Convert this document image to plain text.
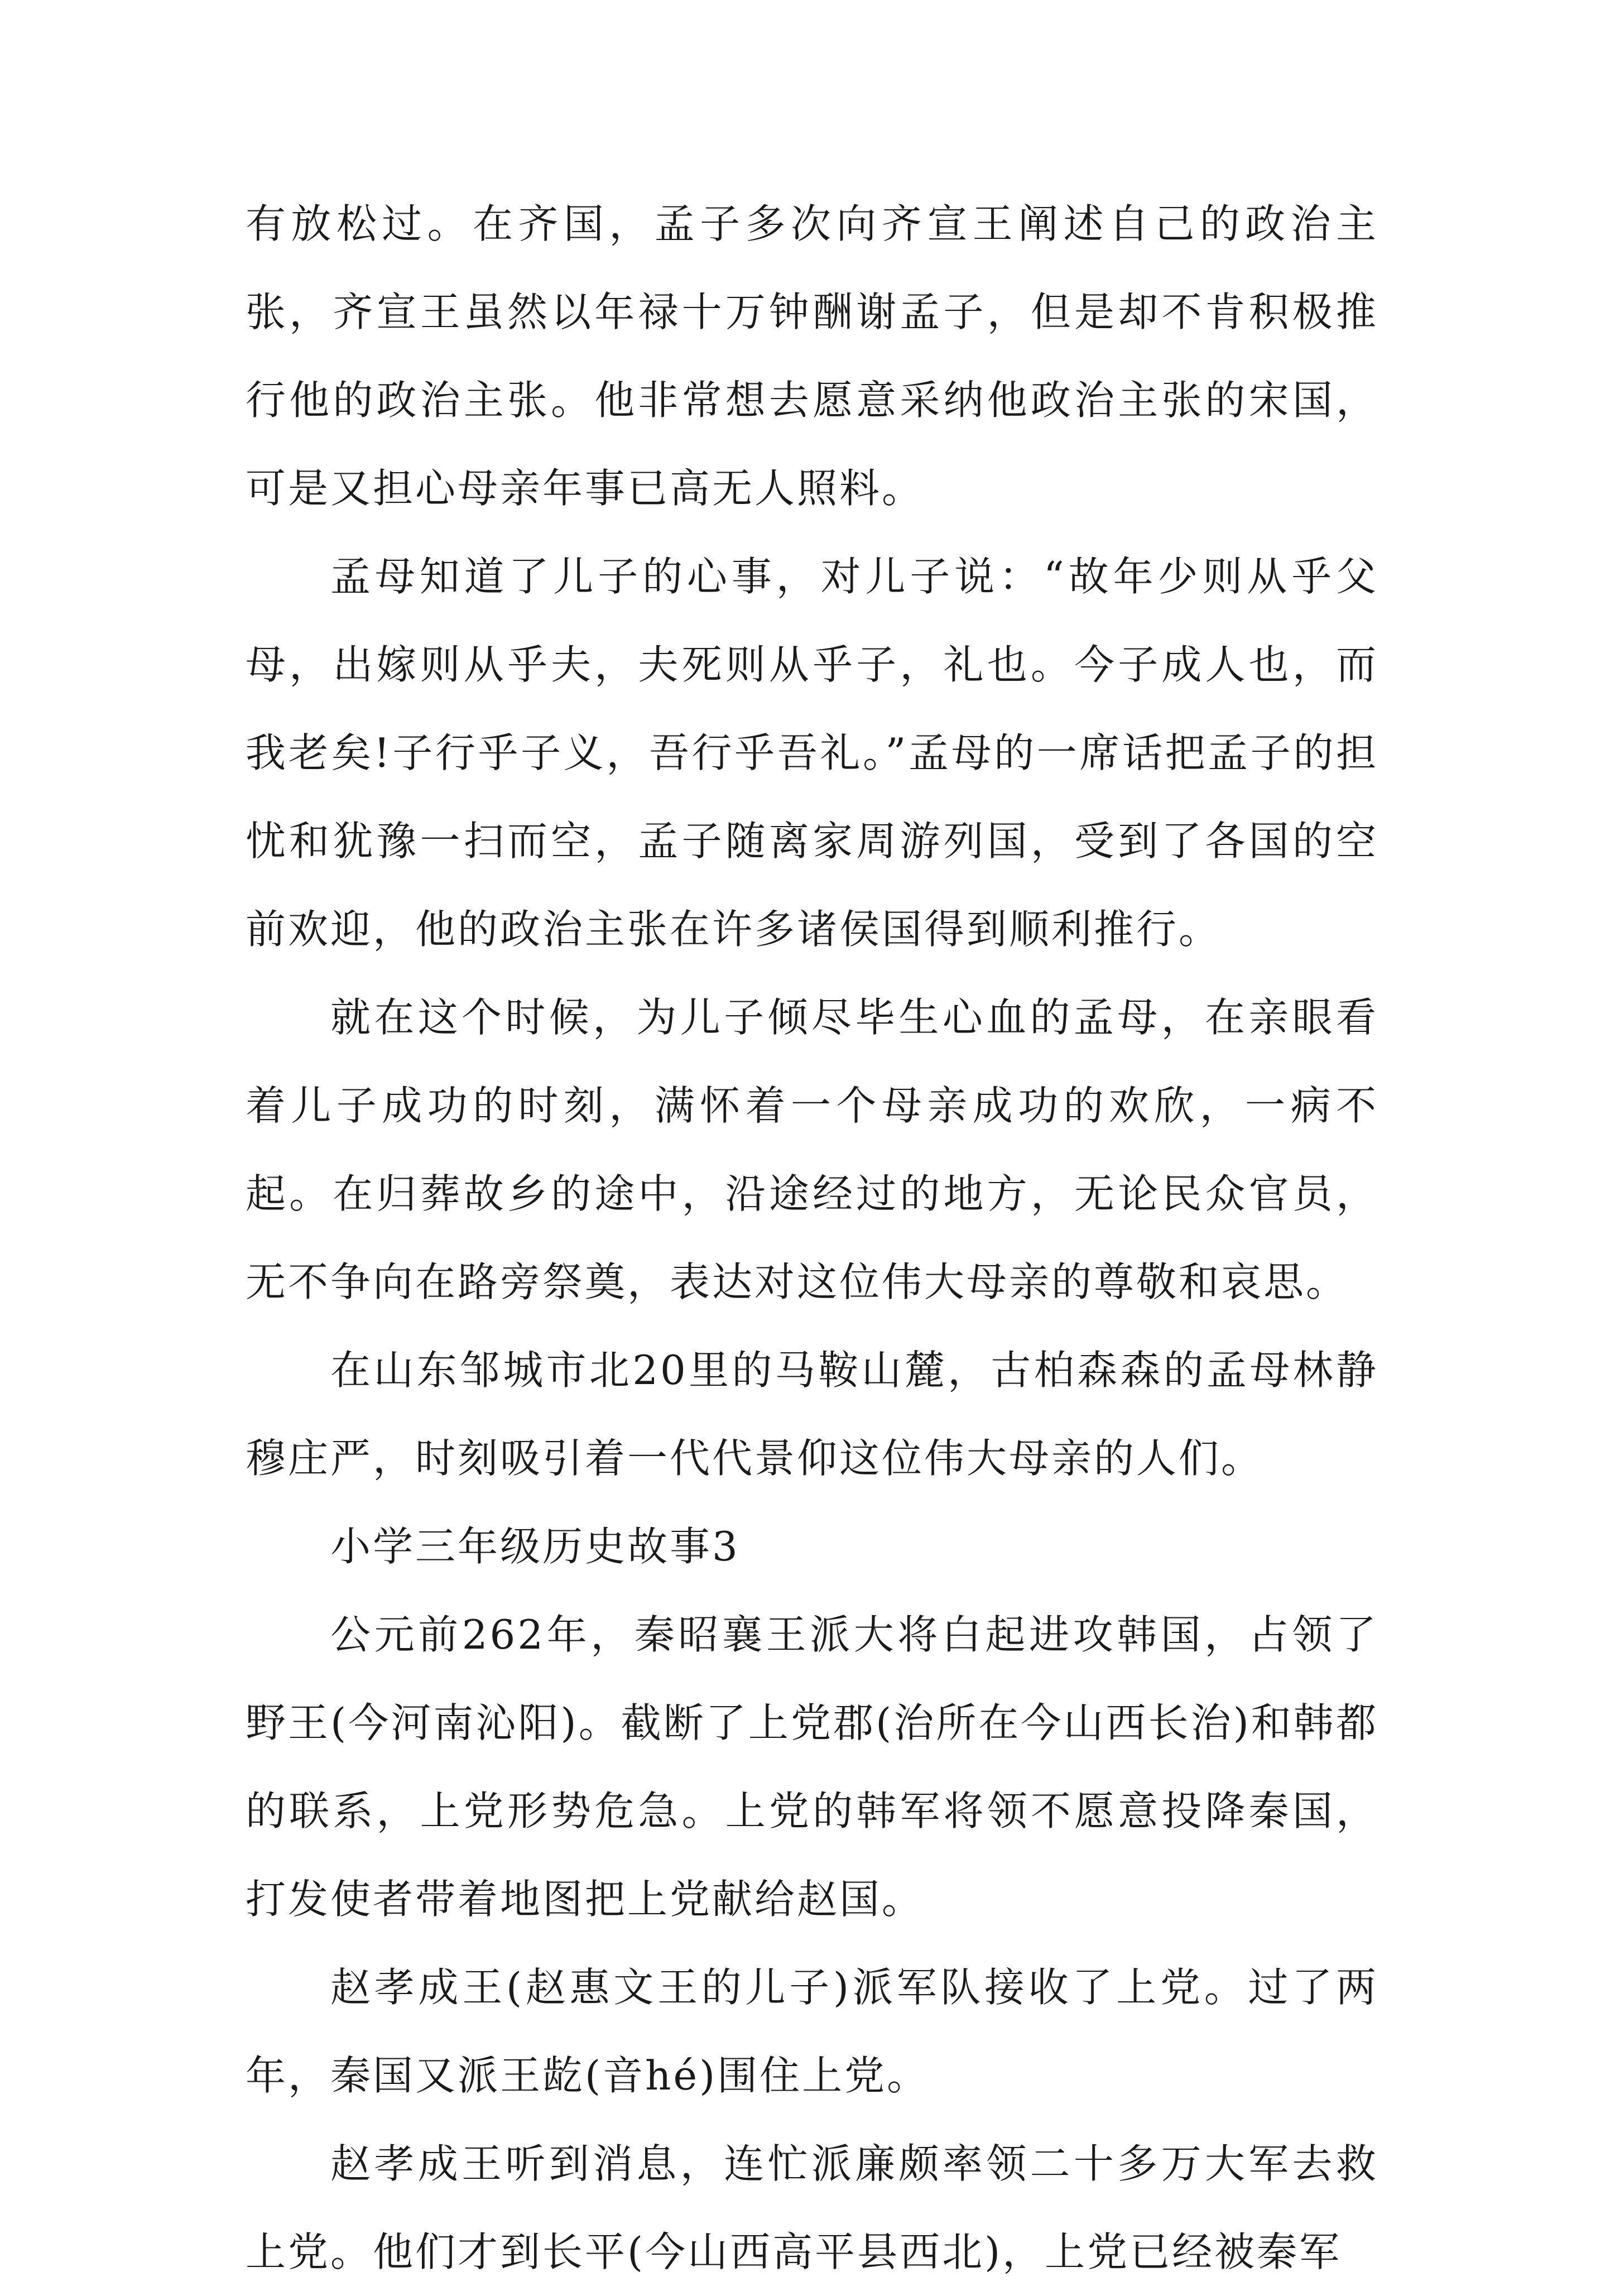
有放松过。在齐国，孟子多次向齐宣王阐述自己的政治主张，齐宣王虽然以年禄十万钟酬谢孟子，但是却不肯积极推行他的政治主张。他非常想去愿意采纳他政治主张的宋国，可是又担心母亲年事已高无人照料。

孟母知道了儿子的心事，对儿子说：“故年少则从乎父母，出嫁则从乎夫，夫死则从乎子，礼也。今子成人也，而我老矣!子行乎子义，吾行乎吾礼。”孟母的一席话把孟子的担忧和犹豫一扫而空，孟子随离家周游列国，受到了各国的空前欢迎，他的政治主张在许多诸侯国得到顺利推行。

就在这个时候，为儿子倾尽毕生心血的孟母，在亲眼看着儿子成功的时刻，满怀着一个母亲成功的欢欣，一病不起。在归葬故乡的途中，沿途经过的地方，无论民众官员，无不争向在路旁祭奠，表达对这位伟大母亲的尊敬和哀思。

在山东邹城市北20里的马鞍山麓，古柏森森的孟母林静穆庄严，时刻吸引着一代代景仰这位伟大母亲的人们。

小学三年级历史故事3

公元前262年，秦昭襄王派大将白起进攻韩国，占领了野王(今河南沁阳)。截断了上党郡(治所在今山西长治)和韩都的联系，上党形势危急。上党的韩军将领不愿意投降秦国，打发使者带着地图把上党献给赵国。

赵孝成王(赵惠文王的儿子)派军队接收了上党。过了两年，秦国又派王龁(音hé)围住上党。

赵孝成王听到消息，连忙派廉颇率领二十多万大军去救上党。他们才到长平(今山西高平县西北)，上党已经被秦军
